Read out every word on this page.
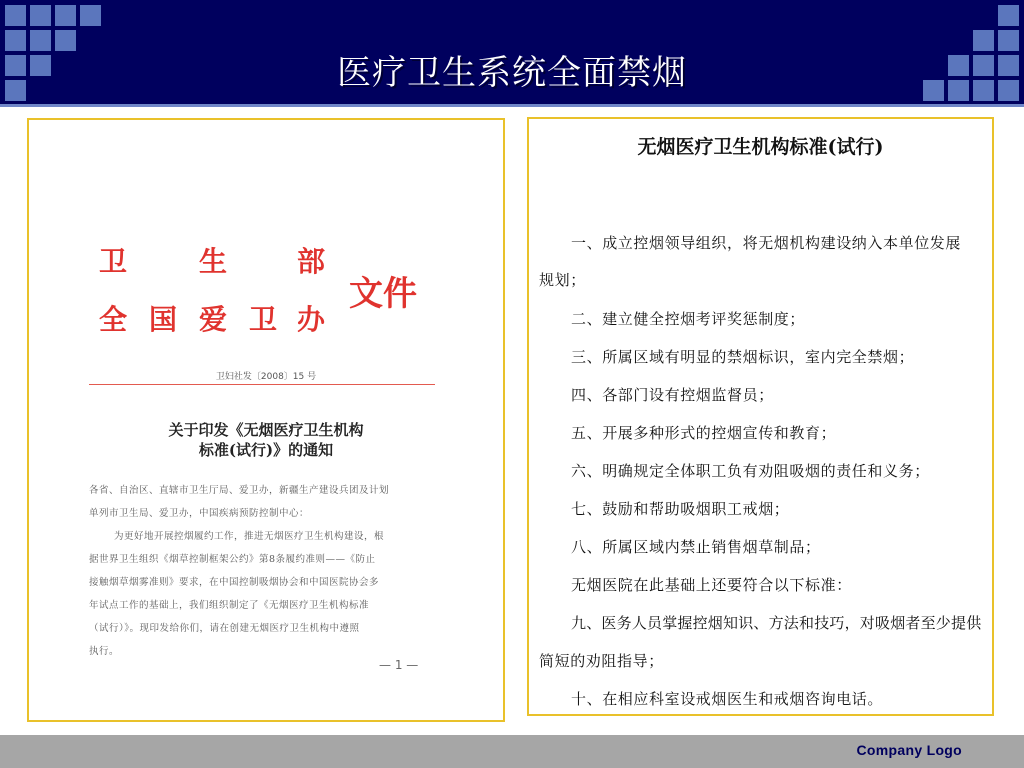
医疗卫生系统全面禁烟
卫	生 部
全 国 爱 卫 办
文件
卫妇社发〔2008〕15 号
关于印发《无烟医疗卫生机构
标准(试行)》的通知
各省、自治区、直辖市卫生厅局、爱卫办，新疆生产建设兵团及计划
单列市卫生局、爱卫办，中国疾病预防控制中心：
为更好地开展控烟履约工作，推进无烟医疗卫生机构建设，根
据世界卫生组织《烟草控制框架公约》第8条履约准则——《防止
接触烟草烟雾准则》要求，在中国控制吸烟协会和中国医院协会多
年试点工作的基础上，我们组织制定了《无烟医疗卫生机构标准
（试行）》。现印发给你们，请在创建无烟医疗卫生机构中遵照
执行。
— 1 —
无烟医疗卫生机构标准(试行)
一、成立控烟领导组织，将无烟机构建设纳入本单位发展
规划；
二、建立健全控烟考评奖惩制度；
三、所属区域有明显的禁烟标识，室内完全禁烟；
四、各部门设有控烟监督员；
五、开展多种形式的控烟宣传和教育；
六、明确规定全体职工负有劝阻吸烟的责任和义务；
七、鼓励和帮助吸烟职工戒烟；
八、所属区域内禁止销售烟草制品；
无烟医院在此基础上还要符合以下标准：
九、医务人员掌握控烟知识、方法和技巧，对吸烟者至少提供
简短的劝阻指导；
十、在相应科室设戒烟医生和戒烟咨询电话。
Company Logo
